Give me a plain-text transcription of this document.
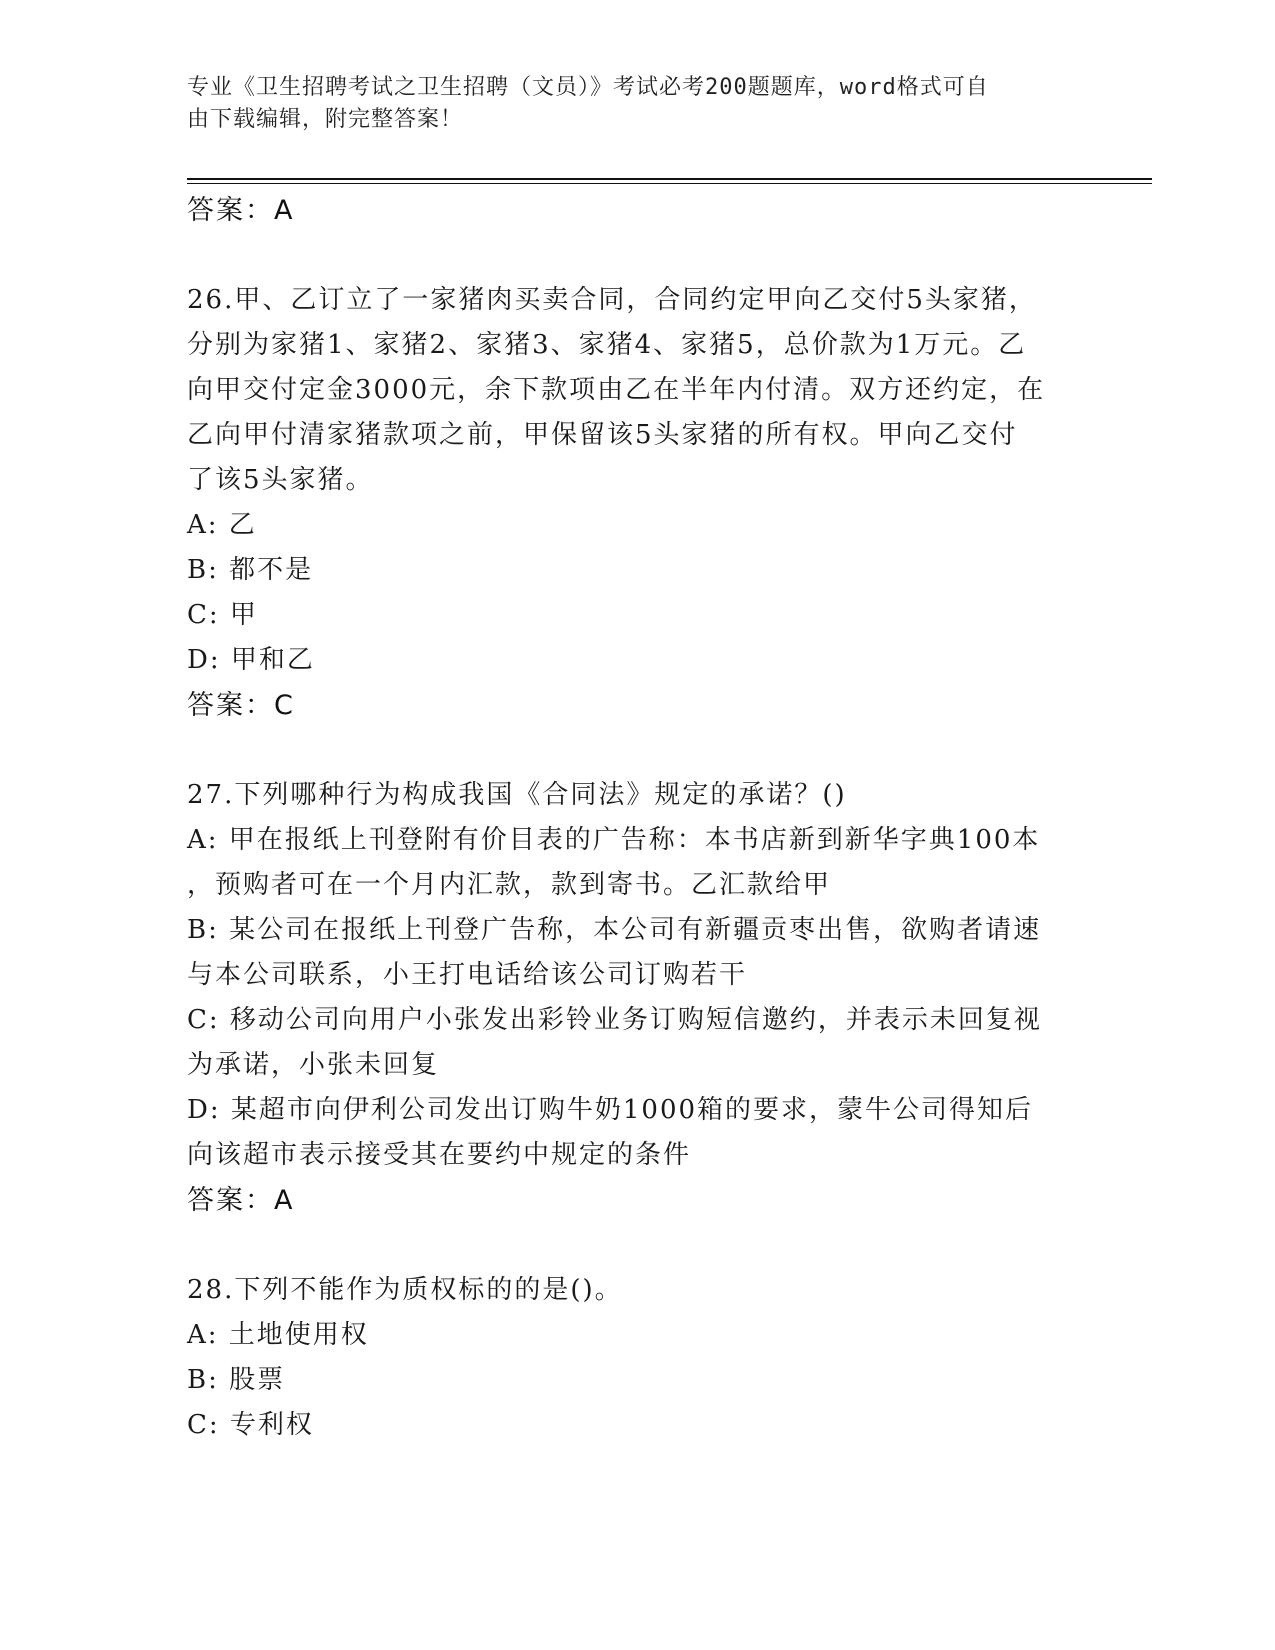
专业《卫生招聘考试之卫生招聘（文员）》考试必考200题题库，word格式可自
由下载编辑，附完整答案！

答案：A

26.甲、乙订立了一家猪肉买卖合同，合同约定甲向乙交付5头家猪，

分别为家猪1、家猪2、家猪3、家猪4、家猪5，总价款为1万元。乙

向甲交付定金3000元，余下款项由乙在半年内付清。双方还约定，在

乙向甲付清家猪款项之前，甲保留该5头家猪的所有权。甲向乙交付

了该5头家猪。

A: 乙

B: 都不是

C: 甲

D: 甲和乙

答案：C

27.下列哪种行为构成我国《合同法》规定的承诺？()

A: 甲在报纸上刊登附有价目表的广告称：本书店新到新华字典100本

，预购者可在一个月内汇款，款到寄书。乙汇款给甲

B: 某公司在报纸上刊登广告称，本公司有新疆贡枣出售，欲购者请速

与本公司联系，小王打电话给该公司订购若干

C: 移动公司向用户小张发出彩铃业务订购短信邀约，并表示未回复视

为承诺，小张未回复

D: 某超市向伊利公司发出订购牛奶1000箱的要求，蒙牛公司得知后

向该超市表示接受其在要约中规定的条件

答案：A

28.下列不能作为质权标的的是()。

A: 土地使用权

B: 股票

C: 专利权
